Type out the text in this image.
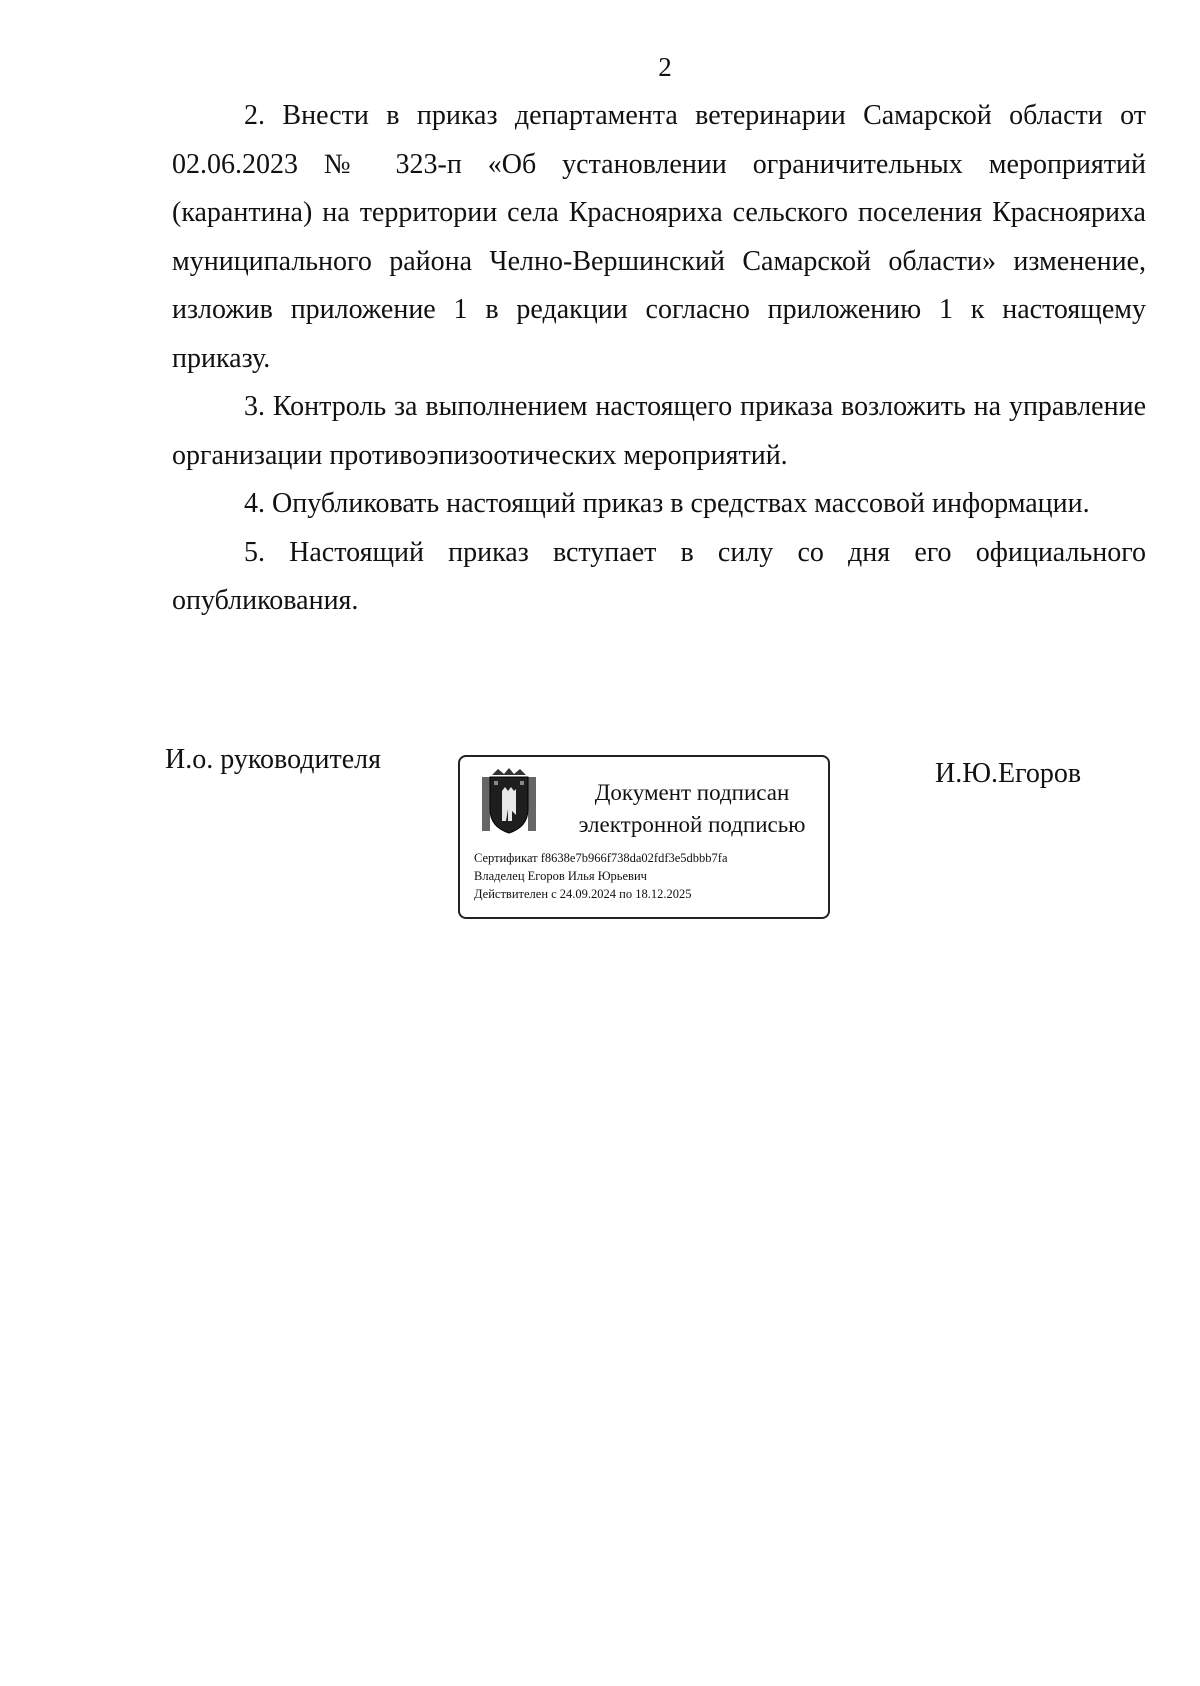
2

2. Внести в приказ департамента ветеринарии Самарской области от 02.06.2023 № 323-п «Об установлении ограничительных мероприятий (карантина) на территории села Краснояриха сельского поселения Краснояриха муниципального района Челно-Вершинский Самарской области» изменение, изложив приложение 1 в редакции согласно приложению 1 к настоящему приказу.

3. Контроль за выполнением настоящего приказа возложить на управление организации противоэпизоотических мероприятий.

4. Опубликовать настоящий приказ в средствах массовой информации.

5. Настоящий приказ вступает в силу со дня его официального опубликования.

И.о. руководителя
Документ подписан
электронной подписью
Сертификат f8638e7b966f738da02fdf3e5dbbb7fa
Владелец Егоров Илья Юрьевич
Действителен с 24.09.2024 по 18.12.2025
И.Ю.Егоров
